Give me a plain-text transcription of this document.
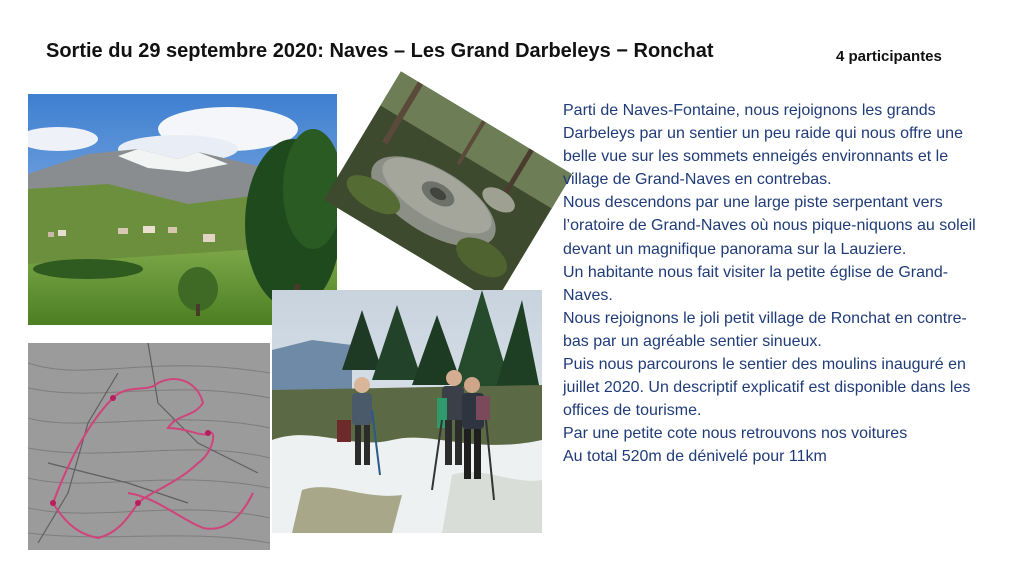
Sortie du 29 septembre 2020: Naves – Les Grand Darbeleys − Ronchat	4 participantes

Parti de Naves-Fontaine, nous rejoignons les grands Darbeleys par un sentier un peu raide qui nous offre une belle vue sur les sommets enneigés environnants et le village de Grand-Naves en contrebas.

Nous descendons par une large piste serpentant vers l’oratoire de Grand-Naves où nous pique-niquons au soleil devant un magnifique panorama sur la Lauziere.

Un habitante nous fait visiter la petite église de Grand-Naves.

Nous rejoignons le joli petit village de Ronchat en contre-bas par un agréable sentier sinueux.

Puis nous parcourons le sentier des moulins inauguré en juillet 2020. Un descriptif explicatif est disponible dans les offices de tourisme.

Par une petite cote nous retrouvons nos voitures

Au total 520m de dénivelé pour 11km
